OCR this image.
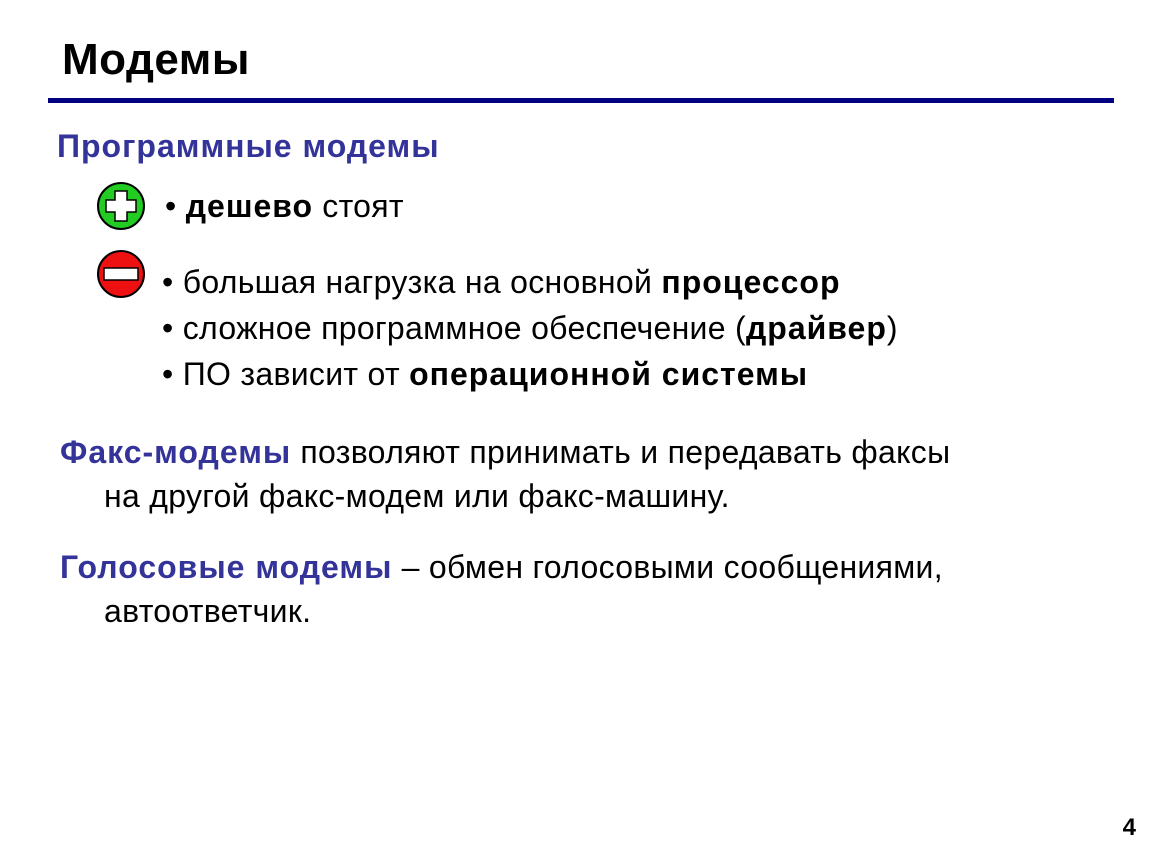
Модемы
Программные модемы
• дешево стоят
• большая нагрузка на основной процессор
• сложное программное обеспечение (драйвер)
• ПО зависит от операционной системы
Факс-модемы позволяют принимать и передавать факсы
на другой факс-модем или факс-машину.
Голосовые модемы – обмен голосовыми сообщениями,
автоответчик.
4
